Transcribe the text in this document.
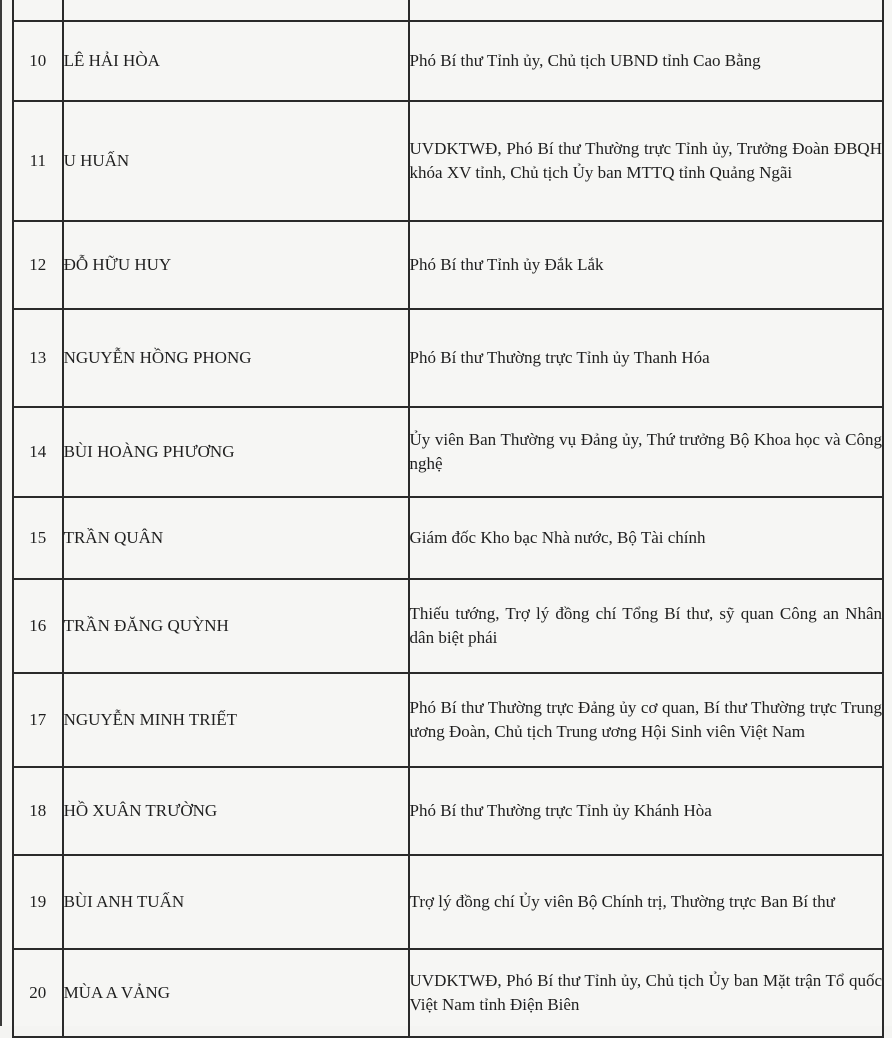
10	LÊ HẢI HÒA	Phó Bí thư Tỉnh ủy, Chủ tịch UBND tỉnh Cao Bằng
11	U HUẤN	UVDKTWĐ, Phó Bí thư Thường trực Tỉnh ủy, Trưởng Đoàn ĐBQH khóa XV tỉnh, Chủ tịch Ủy ban MTTQ tỉnh Quảng Ngãi
12	ĐỖ HỮU HUY	Phó Bí thư Tỉnh ủy Đắk Lắk
13	NGUYỄN HỒNG PHONG	Phó Bí thư Thường trực Tỉnh ủy Thanh Hóa
14	BÙI HOÀNG PHƯƠNG	Ủy viên Ban Thường vụ Đảng ủy, Thứ trưởng Bộ Khoa học và Công nghệ
15	TRẦN QUÂN	Giám đốc Kho bạc Nhà nước, Bộ Tài chính
16	TRẦN ĐĂNG QUỲNH	Thiếu tướng, Trợ lý đồng chí Tổng Bí thư, sỹ quan Công an Nhân dân biệt phái
17	NGUYỄN MINH TRIẾT	Phó Bí thư Thường trực Đảng ủy cơ quan, Bí thư Thường trực Trung ương Đoàn, Chủ tịch Trung ương Hội Sinh viên Việt Nam
18	HỒ XUÂN TRƯỜNG	Phó Bí thư Thường trực Tỉnh ủy Khánh Hòa
19	BÙI ANH TUẤN	Trợ lý đồng chí Ủy viên Bộ Chính trị, Thường trực Ban Bí thư
20	MÙA A VẢNG	UVDKTWĐ, Phó Bí thư Tỉnh ủy, Chủ tịch Ủy ban Mặt trận Tổ quốc Việt Nam tỉnh Điện Biên
